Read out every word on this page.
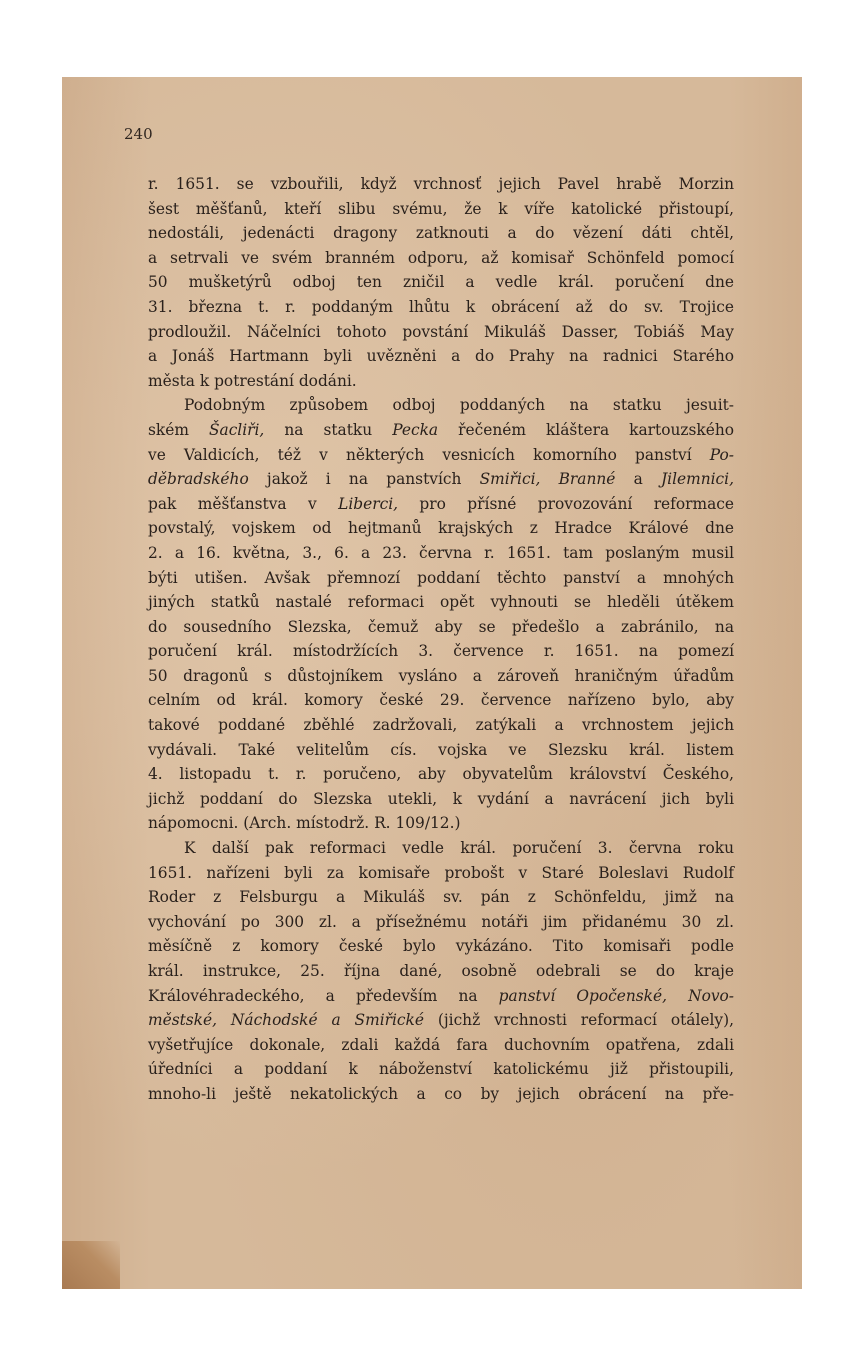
240
r. 1651. se vzbouřili, když vrchnosť jejich Pavel hrabě Morzin
šest měšťanů, kteří slibu svému, že k víře katolické přistoupí,
nedostáli, jedenácti dragony zatknouti a do vězení dáti chtěl,
a setrvali ve svém branném odporu, až komisař Schönfeld pomocí
50 mušketýrů odboj ten zničil a vedle král. poručení dne
31. března t. r. poddaným lhůtu k obrácení až do sv. Trojice
prodloužil. Náčelníci tohoto povstání Mikuláš Dasser, Tobiáš May
a Jonáš Hartmann byli uvězněni a do Prahy na radnici Starého
města k potrestání dodáni.
Podobným způsobem odboj poddaných na statku jesuit-
ském Šacliři, na statku Pecka řečeném kláštera kartouzského
ve Valdicích, též v některých vesnicích komorního panství Po-
děbradského jakož i na panstvích Smiřici, Branné a Jilemnici,
pak měšťanstva v Liberci, pro přísné provozování reformace
povstalý, vojskem od hejtmanů krajských z Hradce Králové dne
2. a 16. května, 3., 6. a 23. června r. 1651. tam poslaným musil
býti utišen. Avšak přemnozí poddaní těchto panství a mnohých
jiných statků nastalé reformaci opět vyhnouti se hleděli útěkem
do sousedního Slezska, čemuž aby se předešlo a zabránilo, na
poručení král. místodržících 3. července r. 1651. na pomezí
50 dragonů s důstojníkem vysláno a zároveň hraničným úřadům
celním od král. komory české 29. července nařízeno bylo, aby
takové poddané zběhlé zadržovali, zatýkali a vrchnostem jejich
vydávali. Také velitelům cís. vojska ve Slezsku král. listem
4. listopadu t. r. poručeno, aby obyvatelům království Českého,
jichž poddaní do Slezska utekli, k vydání a navrácení jich byli
nápomocni. (Arch. místodrž. R. 109/12.)
K další pak reformaci vedle král. poručení 3. června roku
1651. nařízeni byli za komisaře probošt v Staré Boleslavi Rudolf
Roder z Felsburgu a Mikuláš sv. pán z Schönfeldu, jimž na
vychování po 300 zl. a přísežnému notáři jim přidanému 30 zl.
měsíčně z komory české bylo vykázáno. Tito komisaři podle
král. instrukce, 25. října dané, osobně odebrali se do kraje
Královéhradeckého, a především na panství Opočenské, Novo-
městské, Náchodské a Smiřické (jichž vrchnosti reformací otálely),
vyšetřujíce dokonale, zdali každá fara duchovním opatřena, zdali
úředníci a poddaní k náboženství katolickému již přistoupili,
mnoho-li ještě nekatolických a co by jejich obrácení na pře-
